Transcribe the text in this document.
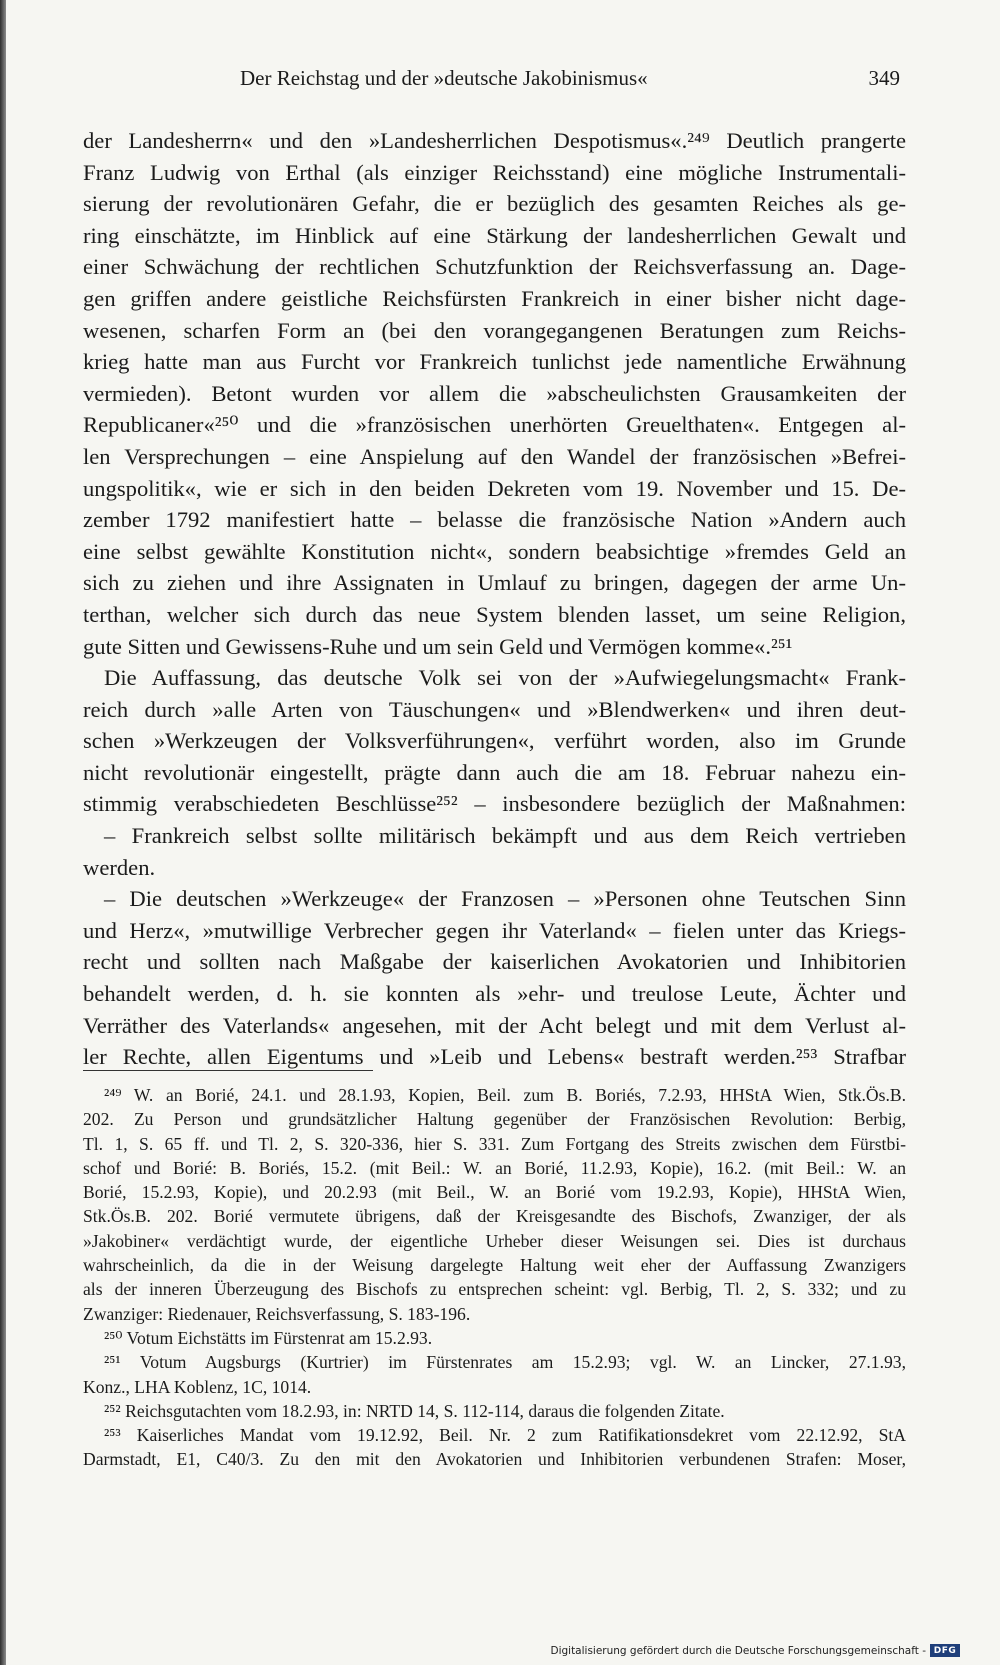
Der Reichstag und der »deutsche Jakobinismus«	349
der Landesherrn« und den »Landesherrlichen Despotismus«.²⁴⁹ Deutlich prangerte
Franz Ludwig von Erthal (als einziger Reichsstand) eine mögliche Instrumentali-
sierung der revolutionären Gefahr, die er bezüglich des gesamten Reiches als ge-
ring einschätzte, im Hinblick auf eine Stärkung der landesherrlichen Gewalt und
einer Schwächung der rechtlichen Schutzfunktion der Reichsverfassung an. Dage-
gen griffen andere geistliche Reichsfürsten Frankreich in einer bisher nicht dage-
wesenen, scharfen Form an (bei den vorangegangenen Beratungen zum Reichs-
krieg hatte man aus Furcht vor Frankreich tunlichst jede namentliche Erwähnung
vermieden). Betont wurden vor allem die »abscheulichsten Grausamkeiten der
Republicaner«²⁵⁰ und die »französischen unerhörten Greuelthaten«. Entgegen al-
len Versprechungen – eine Anspielung auf den Wandel der französischen »Befrei-
ungspolitik«, wie er sich in den beiden Dekreten vom 19. November und 15. De-
zember 1792 manifestiert hatte – belasse die französische Nation »Andern auch
eine selbst gewählte Konstitution nicht«, sondern beabsichtige »fremdes Geld an
sich zu ziehen und ihre Assignaten in Umlauf zu bringen, dagegen der arme Un-
terthan, welcher sich durch das neue System blenden lasset, um seine Religion,
gute Sitten und Gewissens-Ruhe und um sein Geld und Vermögen komme«.²⁵¹
Die Auffassung, das deutsche Volk sei von der »Aufwiegelungsmacht« Frank-
reich durch »alle Arten von Täuschungen« und »Blendwerken« und ihren deut-
schen »Werkzeugen der Volksverführungen«, verführt worden, also im Grunde
nicht revolutionär eingestellt, prägte dann auch die am 18. Februar nahezu ein-
stimmig verabschiedeten Beschlüsse²⁵² – insbesondere bezüglich der Maßnahmen:
– Frankreich selbst sollte militärisch bekämpft und aus dem Reich vertrieben
werden.
– Die deutschen »Werkzeuge« der Franzosen – »Personen ohne Teutschen Sinn
und Herz«, »mutwillige Verbrecher gegen ihr Vaterland« – fielen unter das Kriegs-
recht und sollten nach Maßgabe der kaiserlichen Avokatorien und Inhibitorien
behandelt werden, d. h. sie konnten als »ehr- und treulose Leute, Ächter und
Verräther des Vaterlands« angesehen, mit der Acht belegt und mit dem Verlust al-
ler Rechte, allen Eigentums und »Leib und Lebens« bestraft werden.²⁵³ Strafbar
²⁴⁹ W. an Borié, 24.1. und 28.1.93, Kopien, Beil. zum B. Boriés, 7.2.93, HHStA Wien, Stk.Ös.B.
202. Zu Person und grundsätzlicher Haltung gegenüber der Französischen Revolution: Berbig,
Tl. 1, S. 65 ff. und Tl. 2, S. 320-336, hier S. 331. Zum Fortgang des Streits zwischen dem Fürstbi-
schof und Borié: B. Boriés, 15.2. (mit Beil.: W. an Borié, 11.2.93, Kopie), 16.2. (mit Beil.: W. an
Borié, 15.2.93, Kopie), und 20.2.93 (mit Beil., W. an Borié vom 19.2.93, Kopie), HHStA Wien,
Stk.Ös.B. 202. Borié vermutete übrigens, daß der Kreisgesandte des Bischofs, Zwanziger, der als
»Jakobiner« verdächtigt wurde, der eigentliche Urheber dieser Weisungen sei. Dies ist durchaus
wahrscheinlich, da die in der Weisung dargelegte Haltung weit eher der Auffassung Zwanzigers
als der inneren Überzeugung des Bischofs zu entsprechen scheint: vgl. Berbig, Tl. 2, S. 332; und zu
Zwanziger: Riedenauer, Reichsverfassung, S. 183-196.
²⁵⁰ Votum Eichstätts im Fürstenrat am 15.2.93.
²⁵¹ Votum Augsburgs (Kurtrier) im Fürstenrates am 15.2.93; vgl. W. an Lincker, 27.1.93,
Konz., LHA Koblenz, 1C, 1014.
²⁵² Reichsgutachten vom 18.2.93, in: NRTD 14, S. 112-114, daraus die folgenden Zitate.
²⁵³ Kaiserliches Mandat vom 19.12.92, Beil. Nr. 2 zum Ratifikationsdekret vom 22.12.92, StA
Darmstadt, E1, C40/3. Zu den mit den Avokatorien und Inhibitorien verbundenen Strafen: Moser,
Digitalisierung gefördert durch die Deutsche Forschungsgemeinschaft - DFG
